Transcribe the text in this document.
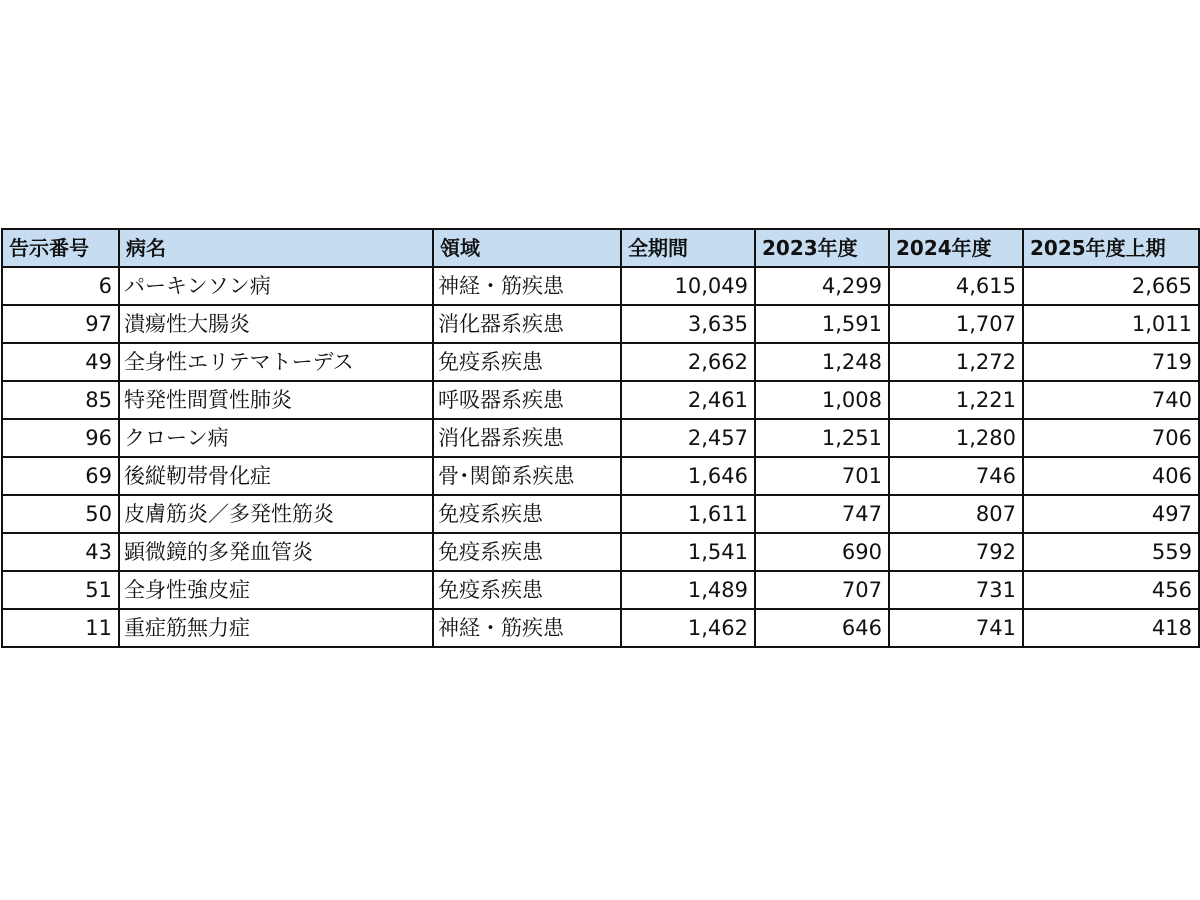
告示番号	病名	領域	全期間	2023年度	2024年度	2025年度上期
6	パーキンソン病	神経・筋疾患	10,049	4,299	4,615	2,665
97	潰瘍性大腸炎	消化器系疾患	3,635	1,591	1,707	1,011
49	全身性エリテマトーデス	免疫系疾患	2,662	1,248	1,272	719
85	特発性間質性肺炎	呼吸器系疾患	2,461	1,008	1,221	740
96	クローン病	消化器系疾患	2,457	1,251	1,280	706
69	後縦靭帯骨化症	骨･関節系疾患	1,646	701	746	406
50	皮膚筋炎／多発性筋炎	免疫系疾患	1,611	747	807	497
43	顕微鏡的多発血管炎	免疫系疾患	1,541	690	792	559
51	全身性強皮症	免疫系疾患	1,489	707	731	456
11	重症筋無力症	神経・筋疾患	1,462	646	741	418
